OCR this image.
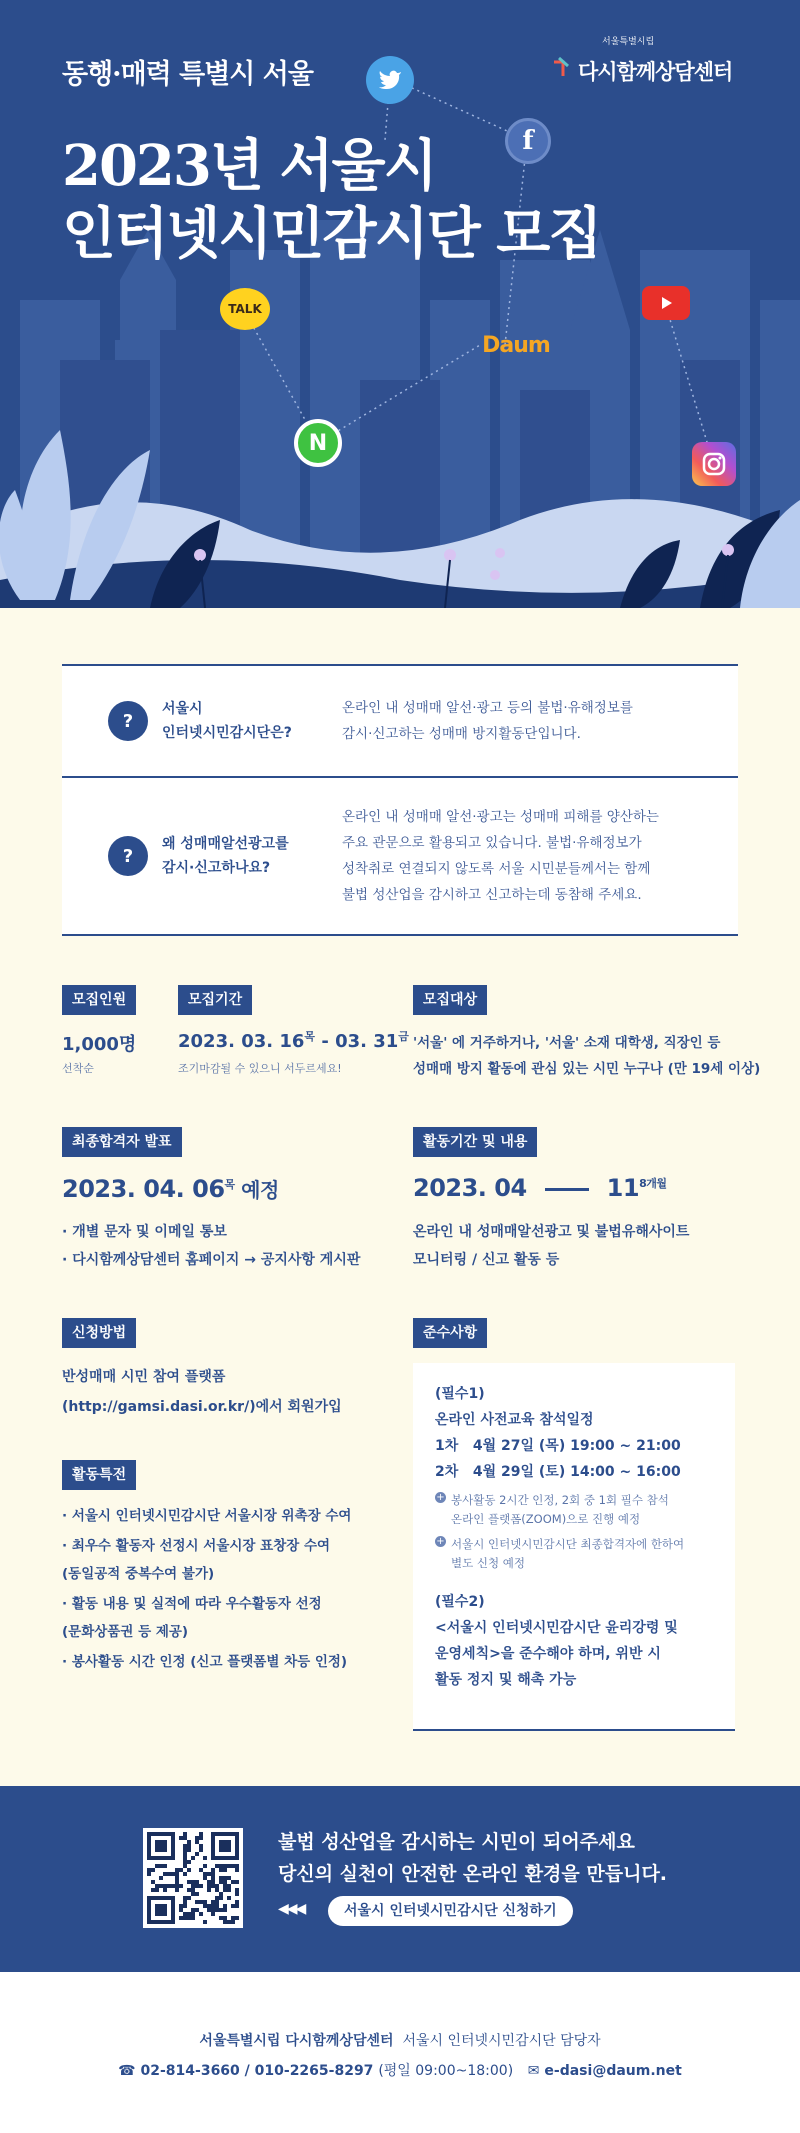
동행·매력 특별시 서울
서울특별시립
다시함께상담센터
2023년 서울시
인터넷시민감시단 모집
f
TALK
N
Daum
?
서울시
인터넷시민감시단은?
온라인 내 성매매 알선·광고 등의 불법·유해정보를
감시·신고하는 성매매 방지활동단입니다.
?
왜 성매매알선광고를
감시·신고하나요?
온라인 내 성매매 알선·광고는 성매매 피해를 양산하는
주요 관문으로 활용되고 있습니다. 불법·유해정보가
성착취로 연결되지 않도록 서울 시민분들께서는 함께
불법 성산업을 감시하고 신고하는데 동참해 주세요.
모집인원
1,000명
선착순
모집기간
2023. 03. $16^목 - 03$. $31^금$
조기마감될 수 있으니 서두르세요!
모집대상
'서울' 에 거주하거나, '서울' 소재 대학생, 직장인 등
성매매 방지 활동에 관심 있는 시민 누구나 (만 19세 이상)
최종합격자 발표
2023. 04. $06^목$ 예정
· 개별 문자 및 이메일 통보
· 다시함께상담센터 홈페이지 → 공지사항 게시판
활동기간 및 내용
2023. 04	$11^{8개월}$
온라인 내 성매매알선광고 및 불법유해사이트
모니터링 / 신고 활동 등
신청방법
반성매매 시민 참여 플랫폼
(http://gamsi.dasi.or.kr/)에서 회원가입
활동특전
· 서울시 인터넷시민감시단 서울시장 위촉장 수여
· 최우수 활동자 선정시 서울시장 표창장 수여
(동일공적 중복수여 불가)
· 활동 내용 및 실적에 따라 우수활동자 선정
(문화상품권 등 제공)
· 봉사활동 시간 인정 (신고 플랫폼별 차등 인정)
준수사항

(필수1)

온라인 사전교육 참석일정

1차 4월 27일 (목) 19:00 ~ 21:00

2차 4월 29일 (토) 14:00 ~ 16:00

+ 봉사활동 2시간 인정, 2회 중 1회 필수 참석
온라인 플랫폼(ZOOM)으로 진행 예정
+ 서울시 인터넷시민감시단 최종합격자에 한하여
별도 신청 예정

(필수2)

<서울시 인터넷시민감시단 윤리강령 및
운영세칙>을 준수해야 하며, 위반 시
활동 정지 및 해촉 가능

불법 성산업을 감시하는 시민이 되어주세요
당신의 실천이 안전한 온라인 환경을 만듭니다.
◀◀◀	서울시 인터넷시민감시단 신청하기
서울특별시립 다시함께상담센터 서울시 인터넷시민감시단 담당자
☎ 02-814-3660 / 010-2265-8297 (평일 09:00~18:00) ✉ e-dasi@daum.net
